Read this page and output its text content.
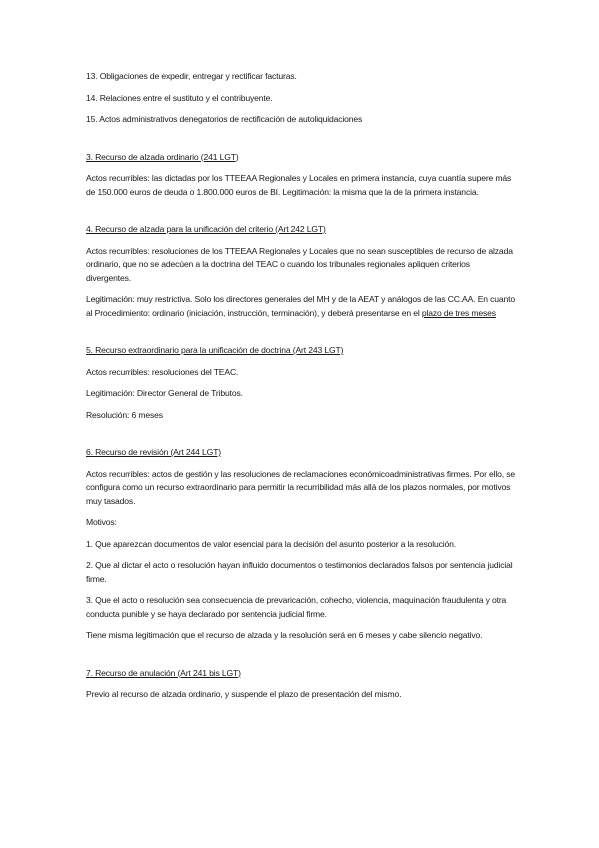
13. Obligaciones de expedir, entregar y rectificar facturas.

14. Relaciones entre el sustituto y el contribuyente.

15. Actos administrativos denegatorios de rectificación de autoliquidaciones

3. Recurso de alzada ordinario (241 LGT)

Actos recurribles: las dictadas por los TTEEAA Regionales y Locales en primera instancia, cuya cuantía supere más de 150.000 euros de deuda o 1.800.000 euros de BI. Legitimación: la misma que la de la primera instancia.

4. Recurso de alzada para la unificación del criterio (Art 242 LGT)

Actos recurribles: resoluciones de los TTEEAA Regionales y Locales que no sean susceptibles de recurso de alzada ordinario, que no se adecúen a la doctrina del TEAC o cuando los tribunales regionales apliquen criterios divergentes.

Legitimación: muy restrictiva. Solo los directores generales del MH y de la AEAT y análogos de las CC.AA. En cuanto al Procedimiento: ordinario (iniciación, instrucción, terminación), y deberá presentarse en el plazo de tres meses

5. Recurso extraordinario para la unificación de doctrina (Art 243 LGT)

Actos recurribles: resoluciones del TEAC.

Legitimación: Director General de Tributos.

Resolución: 6 meses

6. Recurso de revisión (Art 244 LGT)

Actos recurribles: actos de gestión y las resoluciones de reclamaciones económicoadministrativas firmes. Por ello, se configura como un recurso extraordinario para permitir la recurribilidad más allá de los plazos normales, por motivos muy tasados.

Motivos:

1. Que aparezcan documentos de valor esencial para la decisión del asunto posterior a la resolución.

2. Que al dictar el acto o resolución hayan influido documentos o testimonios declarados falsos por sentencia judicial firme.

3. Que el acto o resolución sea consecuencia de prevaricación, cohecho, violencia, maquinación fraudulenta y otra conducta punible y se haya declarado por sentencia judicial firme.

Tiene misma legitimación que el recurso de alzada y la resolución será en 6 meses y cabe silencio negativo.

7. Recurso de anulación (Art 241 bis LGT)

Previo al recurso de alzada ordinario, y suspende el plazo de presentación del mismo.
